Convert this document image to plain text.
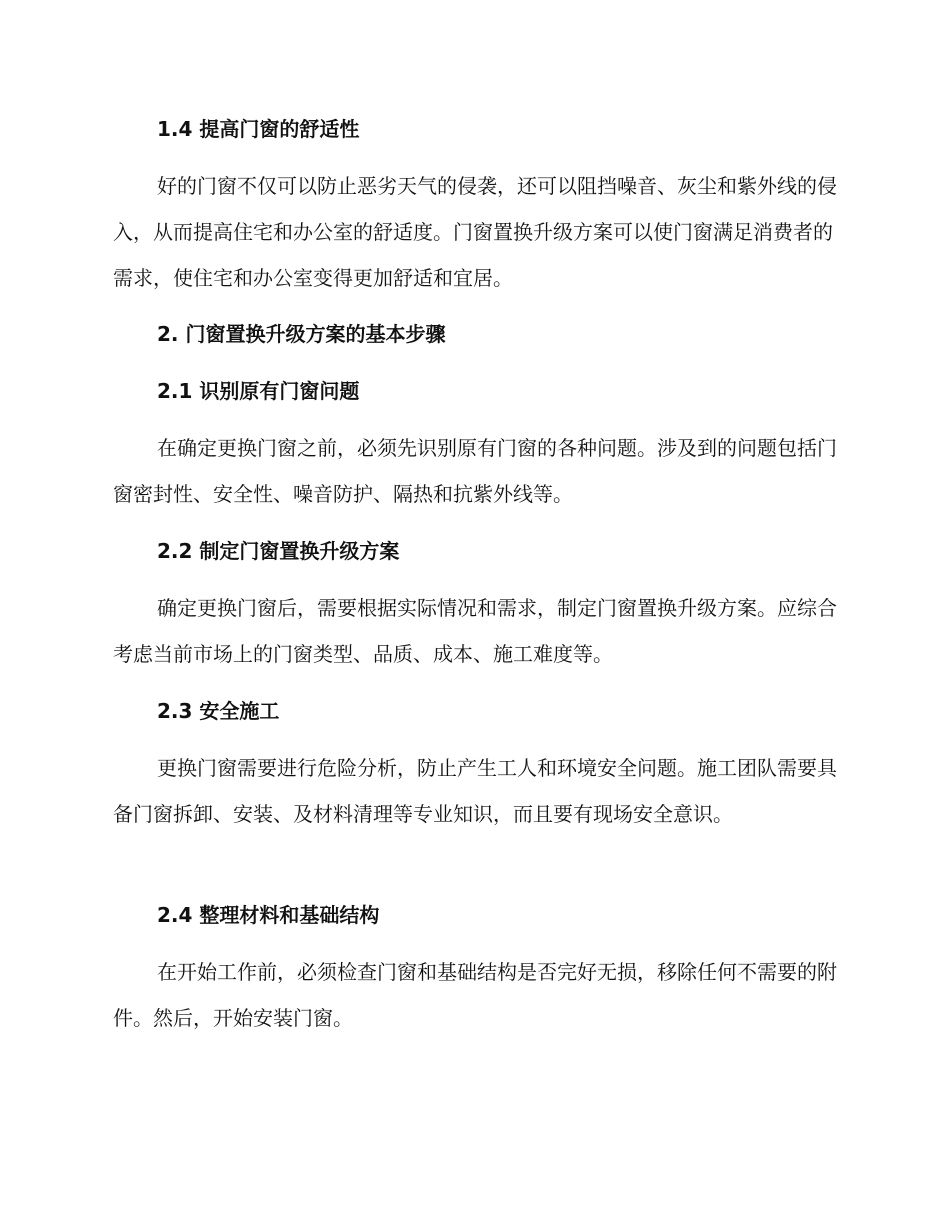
1.4 提高门窗的舒适性

好的门窗不仅可以防止恶劣天气的侵袭，还可以阻挡噪音、灰尘和紫外线的侵入，从而提高住宅和办公室的舒适度。门窗置换升级方案可以使门窗满足消费者的需求，使住宅和办公室变得更加舒适和宜居。

2. 门窗置换升级方案的基本步骤
2.1 识别原有门窗问题

在确定更换门窗之前，必须先识别原有门窗的各种问题。涉及到的问题包括门窗密封性、安全性、噪音防护、隔热和抗紫外线等。

2.2 制定门窗置换升级方案

确定更换门窗后，需要根据实际情况和需求，制定门窗置换升级方案。应综合考虑当前市场上的门窗类型、品质、成本、施工难度等。

2.3 安全施工

更换门窗需要进行危险分析，防止产生工人和环境安全问题。施工团队需要具备门窗拆卸、安装、及材料清理等专业知识，而且要有现场安全意识。

2.4 整理材料和基础结构

在开始工作前，必须检查门窗和基础结构是否完好无损，移除任何不需要的附件。然后，开始安装门窗。
